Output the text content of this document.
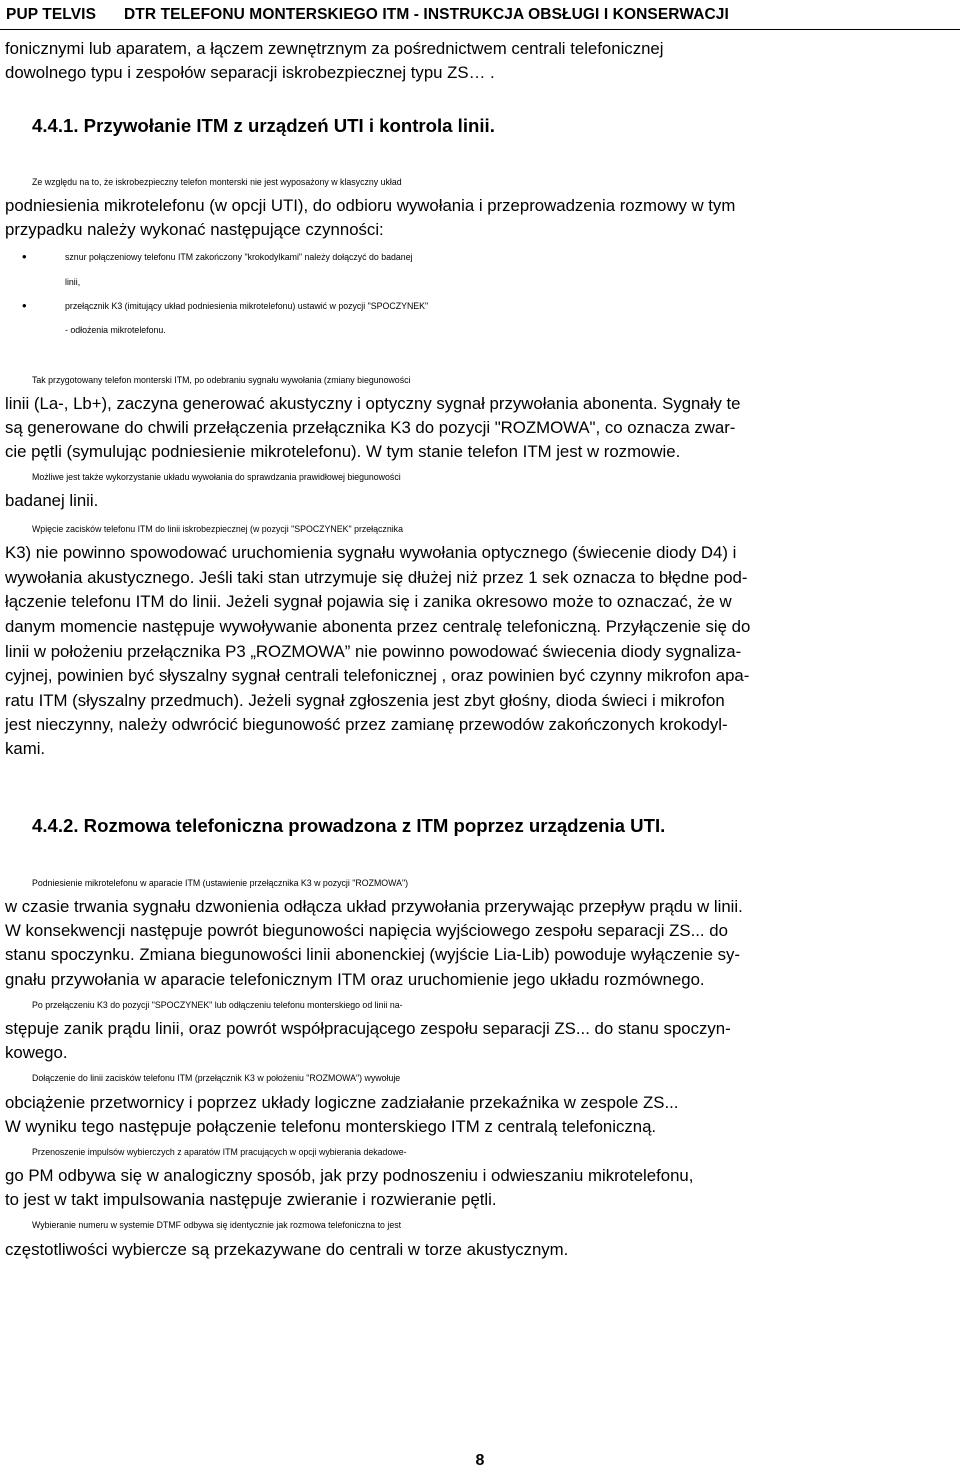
PUP TELVIS DTR TELEFONU MONTERSKIEGO ITM - INSTRUKCJA OBSŁUGI I KONSERWACJI
fonicznymi lub aparatem, a łączem zewnętrznym za pośrednictwem centrali telefonicznej
dowolnego typu i zespołów separacji iskrobezpiecznej typu ZS… .
4.4.1. Przywołanie ITM z urządzeń UTI i kontrola linii.
Ze względu na to, że iskrobezpieczny telefon monterski nie jest wyposażony w klasyczny układ
podniesienia mikrotelefonu (w opcji UTI), do odbioru wywołania i przeprowadzenia rozmowy w tym
przypadku należy wykonać następujące czynności:
•	sznur połączeniowy telefonu ITM zakończony "krokodylkami" należy dołączyć do badanej
linii,
•	przełącznik K3 (imitujący układ podniesienia mikrotelefonu) ustawić w pozycji "SPOCZYNEK"
- odłożenia mikrotelefonu.
Tak przygotowany telefon monterski ITM, po odebraniu sygnału wywołania (zmiany biegunowości
linii (La-, Lb+), zaczyna generować akustyczny i optyczny sygnał przywołania abonenta. Sygnały te
są generowane do chwili przełączenia przełącznika K3 do pozycji "ROZMOWA", co oznacza zwar-
cie pętli (symulując podniesienie mikrotelefonu). W tym stanie telefon ITM jest w rozmowie.
Możliwe jest także wykorzystanie układu wywołania do sprawdzania prawidłowej biegunowości
badanej linii.
Wpięcie zacisków telefonu ITM do linii iskrobezpiecznej (w pozycji "SPOCZYNEK" przełącznika
K3) nie powinno spowodować uruchomienia sygnału wywołania optycznego (świecenie diody D4) i
wywołania akustycznego. Jeśli taki stan utrzymuje się dłużej niż przez 1 sek oznacza to błędne pod-
łączenie telefonu ITM do linii. Jeżeli sygnał pojawia się i zanika okresowo może to oznaczać, że w
danym momencie następuje wywoływanie abonenta przez centralę telefoniczną. Przyłączenie się do
linii w położeniu przełącznika P3 „ROZMOWA” nie powinno powodować świecenia diody sygnaliza-
cyjnej, powinien być słyszalny sygnał centrali telefonicznej , oraz powinien być czynny mikrofon apa-
ratu ITM (słyszalny przedmuch). Jeżeli sygnał zgłoszenia jest zbyt głośny, dioda świeci i mikrofon
jest nieczynny, należy odwrócić biegunowość przez zamianę przewodów zakończonych krokodyl-
kami.
4.4.2. Rozmowa telefoniczna prowadzona z ITM poprzez urządzenia UTI.
Podniesienie mikrotelefonu w aparacie ITM (ustawienie przełącznika K3 w pozycji "ROZMOWA")
w czasie trwania sygnału dzwonienia odłącza układ przywołania przerywając przepływ prądu w linii.
W konsekwencji następuje powrót biegunowości napięcia wyjściowego zespołu separacji ZS... do
stanu spoczynku. Zmiana biegunowości linii abonenckiej (wyjście Lia-Lib) powoduje wyłączenie sy-
gnału przywołania w aparacie telefonicznym ITM oraz uruchomienie jego układu rozmównego.
Po przełączeniu K3 do pozycji "SPOCZYNEK" lub odłączeniu telefonu monterskiego od linii na-
stępuje zanik prądu linii, oraz powrót współpracującego zespołu separacji ZS... do stanu spoczyn-
kowego.
Dołączenie do linii zacisków telefonu ITM (przełącznik K3 w położeniu "ROZMOWA") wywołuje
obciążenie przetwornicy i poprzez układy logiczne zadziałanie przekaźnika w zespole ZS...
W wyniku tego następuje połączenie telefonu monterskiego ITM z centralą telefoniczną.
Przenoszenie impulsów wybierczych z aparatów ITM pracujących w opcji wybierania dekadowe-
go PM odbywa się w analogiczny sposób, jak przy podnoszeniu i odwieszaniu mikrotelefonu,
to jest w takt impulsowania następuje zwieranie i rozwieranie pętli.
Wybieranie numeru w systemie DTMF odbywa się identycznie jak rozmowa telefoniczna to jest
częstotliwości wybiercze są przekazywane do centrali w torze akustycznym.
8
